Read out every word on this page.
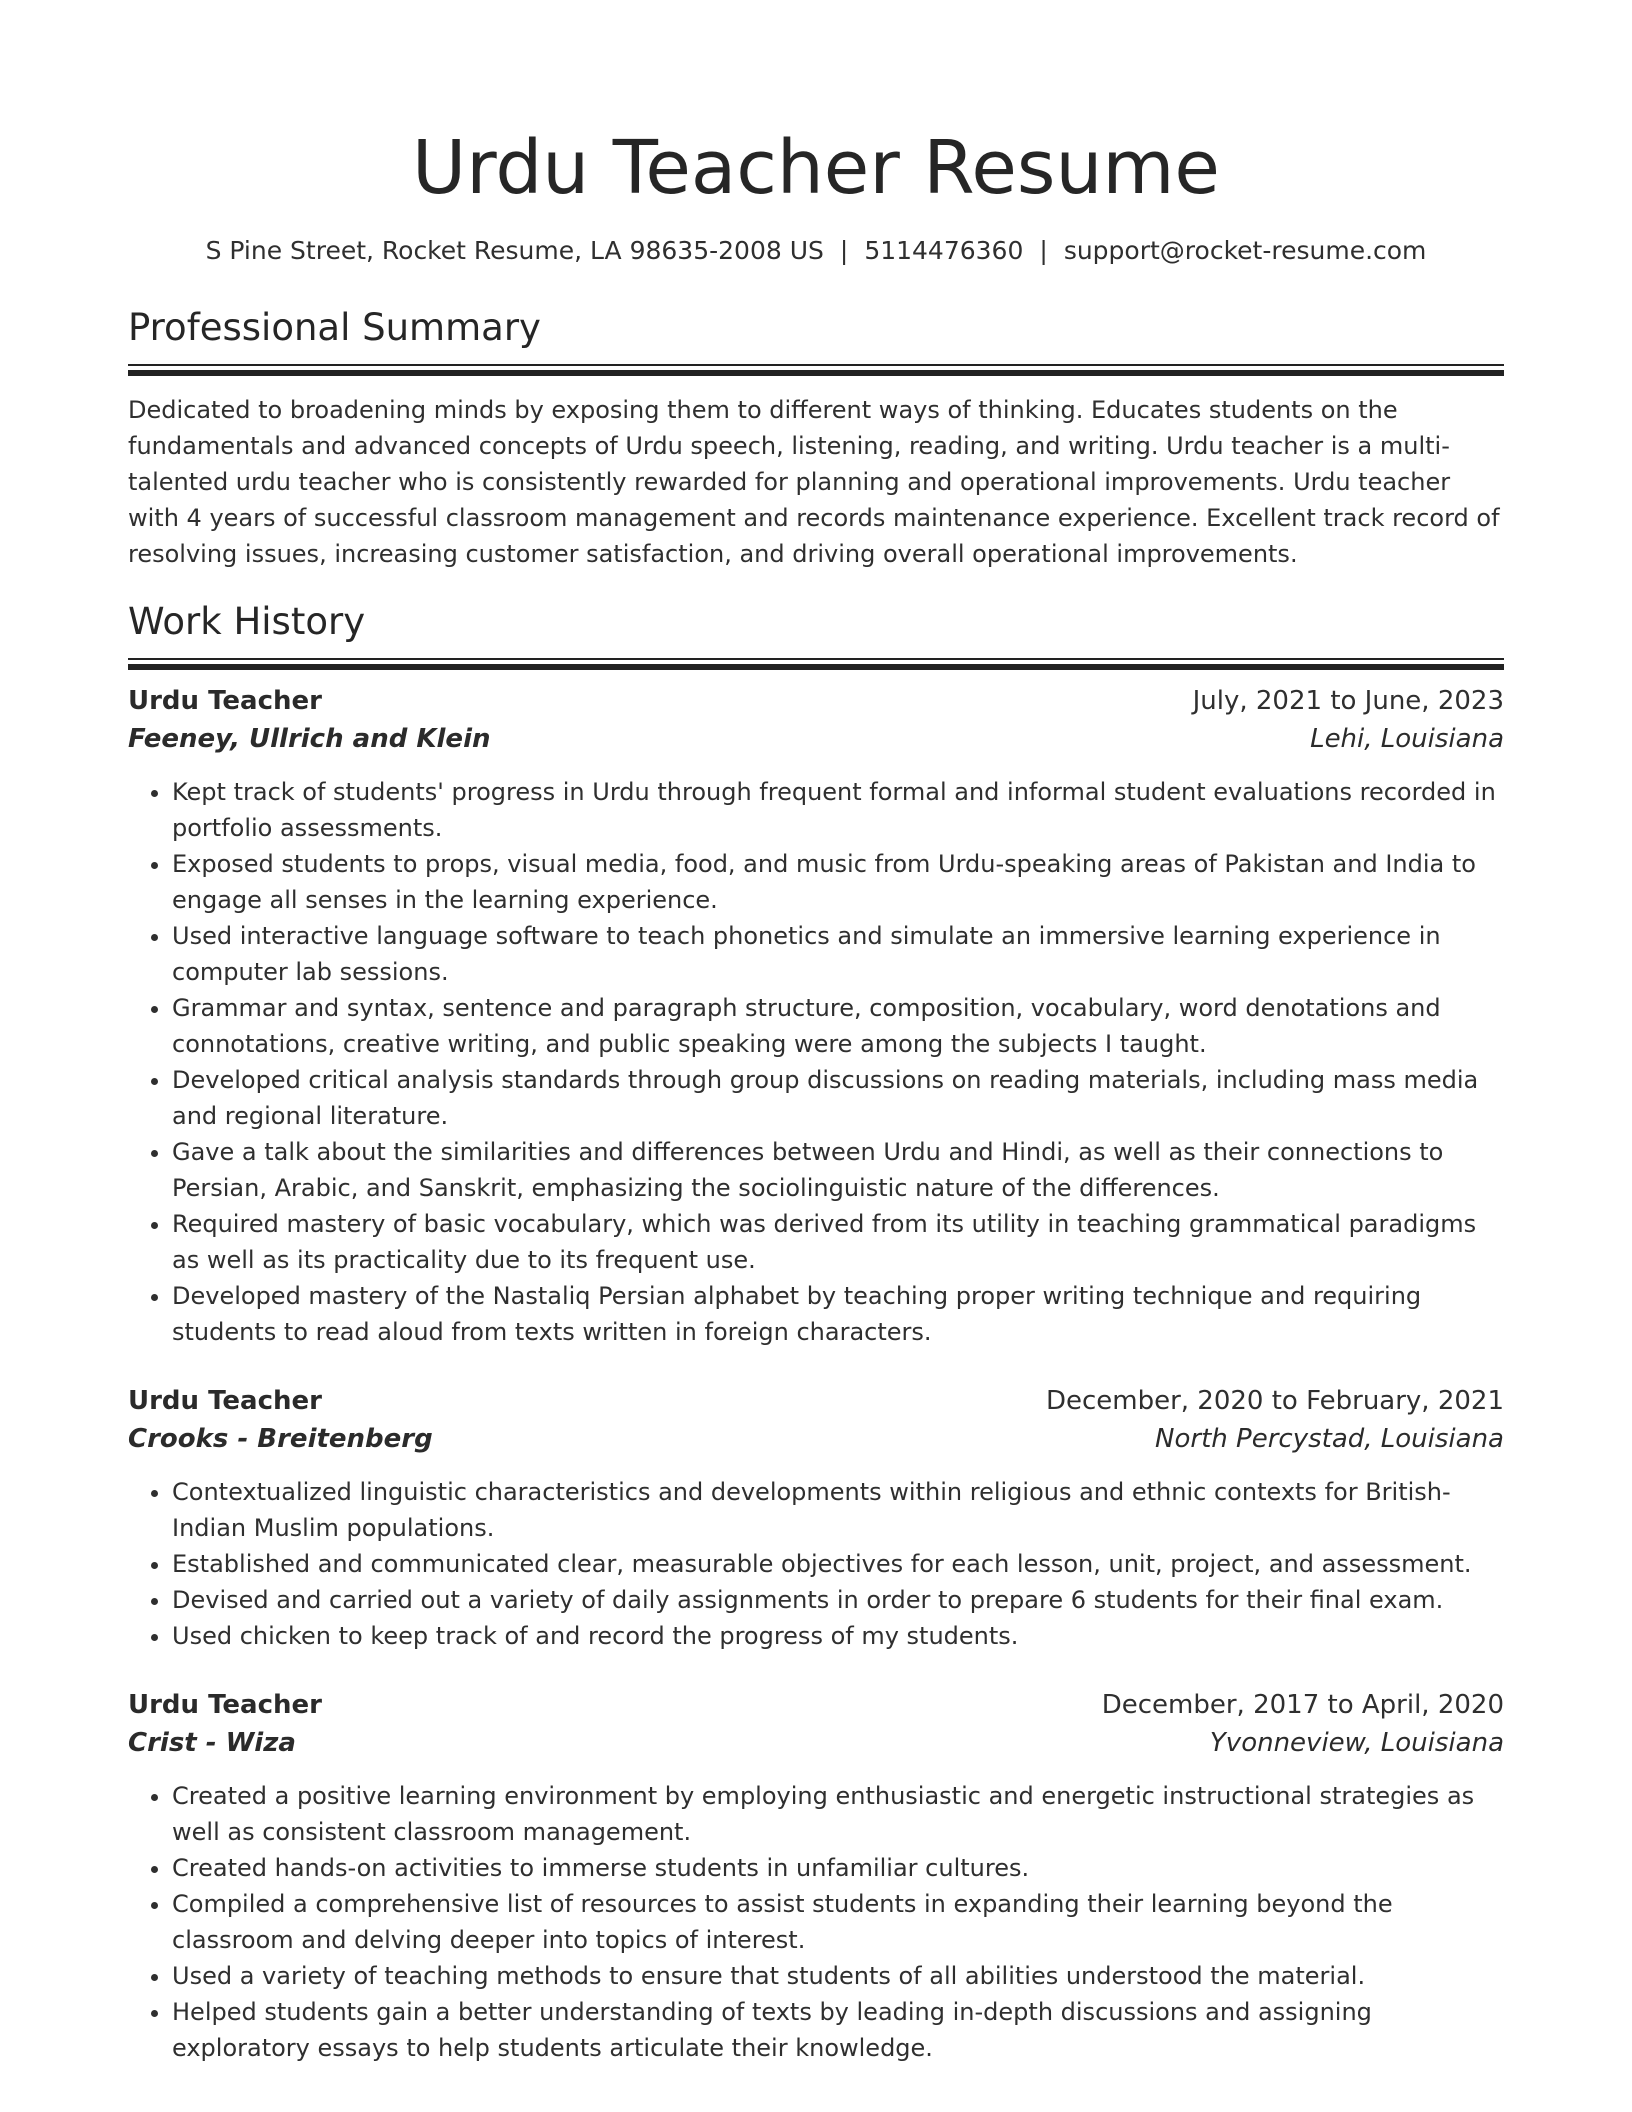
Urdu Teacher Resume
S Pine Street, Rocket Resume, LA 98635-2008 US | 5114476360 | support@rocket-resume.com
Professional Summary
Dedicated to broadening minds by exposing them to different ways of thinking. Educates students on the fundamentals and advanced concepts of Urdu speech, listening, reading, and writing. Urdu teacher is a multi-talented urdu teacher who is consistently rewarded for planning and operational improvements. Urdu teacher with 4 years of successful classroom management and records maintenance experience. Excellent track record of resolving issues, increasing customer satisfaction, and driving overall operational improvements.
Work History
Urdu Teacher	July, 2021 to June, 2023
Feeney, Ullrich and Klein	Lehi, Louisiana
• Kept track of students' progress in Urdu through frequent formal and informal student evaluations recorded in portfolio assessments.
• Exposed students to props, visual media, food, and music from Urdu-speaking areas of Pakistan and India to engage all senses in the learning experience.
• Used interactive language software to teach phonetics and simulate an immersive learning experience in computer lab sessions.
• Grammar and syntax, sentence and paragraph structure, composition, vocabulary, word denotations and connotations, creative writing, and public speaking were among the subjects I taught.
• Developed critical analysis standards through group discussions on reading materials, including mass media and regional literature.
• Gave a talk about the similarities and differences between Urdu and Hindi, as well as their connections to Persian, Arabic, and Sanskrit, emphasizing the sociolinguistic nature of the differences.
• Required mastery of basic vocabulary, which was derived from its utility in teaching grammatical paradigms as well as its practicality due to its frequent use.
• Developed mastery of the Nastaliq Persian alphabet by teaching proper writing technique and requiring students to read aloud from texts written in foreign characters.
Urdu Teacher	December, 2020 to February, 2021
Crooks - Breitenberg	North Percystad, Louisiana
• Contextualized linguistic characteristics and developments within religious and ethnic contexts for British-Indian Muslim populations.
• Established and communicated clear, measurable objectives for each lesson, unit, project, and assessment.
• Devised and carried out a variety of daily assignments in order to prepare 6 students for their final exam.
• Used chicken to keep track of and record the progress of my students.
Urdu Teacher	December, 2017 to April, 2020
Crist - Wiza	Yvonneview, Louisiana
• Created a positive learning environment by employing enthusiastic and energetic instructional strategies as well as consistent classroom management.
• Created hands-on activities to immerse students in unfamiliar cultures.
• Compiled a comprehensive list of resources to assist students in expanding their learning beyond the classroom and delving deeper into topics of interest.
• Used a variety of teaching methods to ensure that students of all abilities understood the material.
• Helped students gain a better understanding of texts by leading in-depth discussions and assigning exploratory essays to help students articulate their knowledge.
